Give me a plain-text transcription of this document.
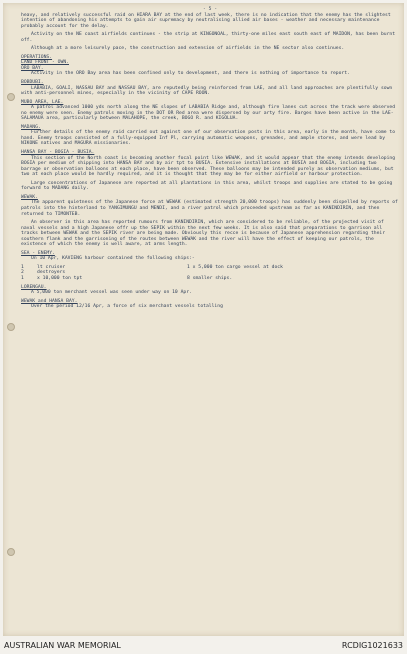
- 5 -
heavy, and relatively successful raid on HIARA BAY at the end of last week, there is no indication that the enemy has the slightest intention of abandoning his attempts to gain air supremacy by neutralising allied air bases - weather and necessary maintenance probably account for the delay.
Activity on the NE coast airfields continues - the strip at KINGONOAL, thirty-one miles east south east of MAIDON, has been burnt off.
Although at a more leisurely pace, the construction and extension of airfields in the NE sector also continues.
OPERATIONS.
LAND FRONT - OWN.
ORO BAY.
Activity in the ORO Bay area has been confined only to development, and there is nothing of importance to report.
BOBDUBI.
LABABIA, GOALI, NASSAU BAY and NASSAU BAY, are reputedly being reinforced from LAE, and all land approaches are plentifully sown with anti-personnel mines, especially in the vicinity of CAPE ROON.
MUBO AREA, LAE.
A patrol advanced 1000 yds north along the NE slopes of LABABIA Ridge and, although fire lanes cut across the track were observed no enemy were seen. Enemy patrols moving in the DOT OR Red area were dispersed by our arty fire. Barges have been active in the LAE-SALAMAUA area, particularly between MALAHOPE, the creek, BOGO R. and KIGOLUA.
MADANG.
Further details of the enemy raid carried out against one of our observation posts in this area, early in the month, have come to hand. Enemy troops consisted of a fully-equipped Inf Pl, carrying automatic weapons, grenades, and ample stores, and were lead by NIKONE natives and MAGURA missionaries.
HANSA BAY - BOGIA - BUSIA.
This section of the North coast is becoming another focal point like WEWAK, and it would appear that the enemy intends developing BOGIA per medium of shipping into HANSA BAY and by air tpt to BUSIA. Extensive installations at BUSIA and BOGIA, including two barrage or observation balloons at each place, have been observed. These balloons may be intended purely as observation mediums, but two at each place would be hardly required, and it is thought that they may be for either airfield or harbour protection.
Large concentrations of Japanese are reported at all plantations in this area, whilst troops and supplies are stated to be going forward to MADANG daily.
WEWAK.
The apparent quietness of the Japanese force at WEWAK (estimated strength 20,000 troops) has suddenly been dispelled by reports of patrols into the hinterland to YANGIMUNGU and MENDI, and a river patrol which proceeded upstream as far as KANINDIRIN, and then returned to TIMONTEB.
An observer in this area has reported rumours from KANINDIRIN, which are considered to be reliable, of the projected visit of naval vessels and a high Japanese offr up the SEPIK within the next few weeks. It is also said that preparations to garrison all tracks between WEWAK and the SEPIK river are being made. Obviously this recce is because of Japanese apprehension regarding their southern flank and the garrisoning of the routes between WEWAK and the river will have the effect of keeping our patrols, the existence of which the enemy is well aware, at arms length.
SEA - ENEMY.
On 10 Apr, KAVIENG harbour contained the following ships:-
1	lt cruiser	1 x 5,000 ton cargo vessel at dock
2	destroyers
1	x 10,000 ton tpt	8 smaller ships.
LORENGAU.
A 5,000 ton merchant vessel was seen under way on 10 Apr.
WEWAK and HANSA BAY.
Over the period 12/16 Apr, a force of six merchant vessels totalling
AUSTRALIAN WAR MEMORIAL	RCDIG1021633
